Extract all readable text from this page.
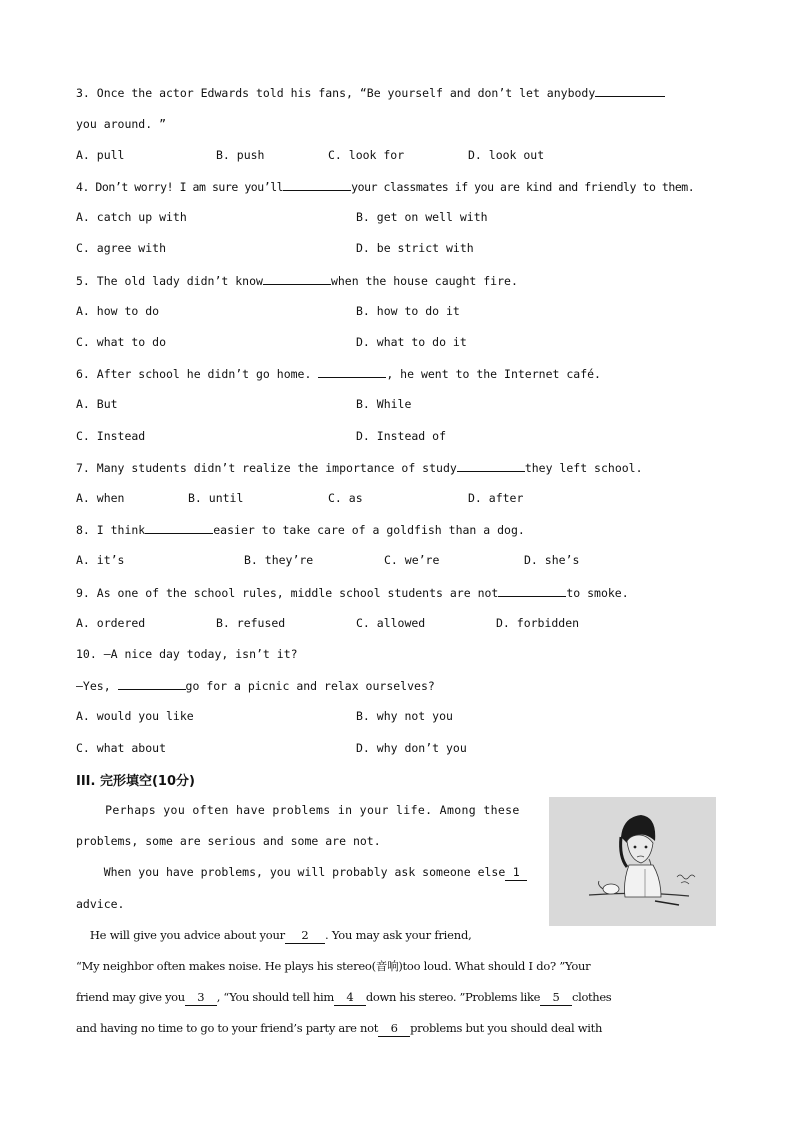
3. Once the actor Edwards told his fans, “Be yourself and don’t let anybody
you around. ”
A. pull	B. push	C. look for	D. look out
4. Don’t worry! I am sure you’ll	your classmates if you are kind and friendly to them.
A. catch up with	B. get on well with
C. agree with	D. be strict with
5. The old lady didn’t know	when the house caught fire.
A. how to do	B. how to do it
C. what to do	D. what to do it
6. After school he didn’t go home.	, he went to the Internet café.
A. But	B. While
C. Instead	D. Instead of
7. Many students didn’t realize the importance of study	they left school.
A. when	B. until	C. as	D. after
8. I think	easier to take care of a goldfish than a dog.
A. it’s	B. they’re	C. we’re	D. she’s
9. As one of the school rules, middle school students are not	to smoke.
A. ordered	B. refused	C. allowed	D. forbidden
10. —A nice day today, isn’t it?
—Yes,	go for a picnic and relax ourselves?
A. would you like	B. why not you
C. what about	D. why don’t you
III. 完形填空(10分)
Perhaps you often have problems in your life. Among these
problems, some are serious and some are not.
When you have problems, you will probably ask someone else 1
advice.
He will give you advice about your 2 . You may ask your friend,
“My neighbor often makes noise. He plays his stereo(音响)too loud. What should I do? ”Your
friend may give you 3 , “You should tell him 4 down his stereo. ”Problems like 5 clothes
and having no time to go to your friend’s party are not 6 problems but you should deal with
